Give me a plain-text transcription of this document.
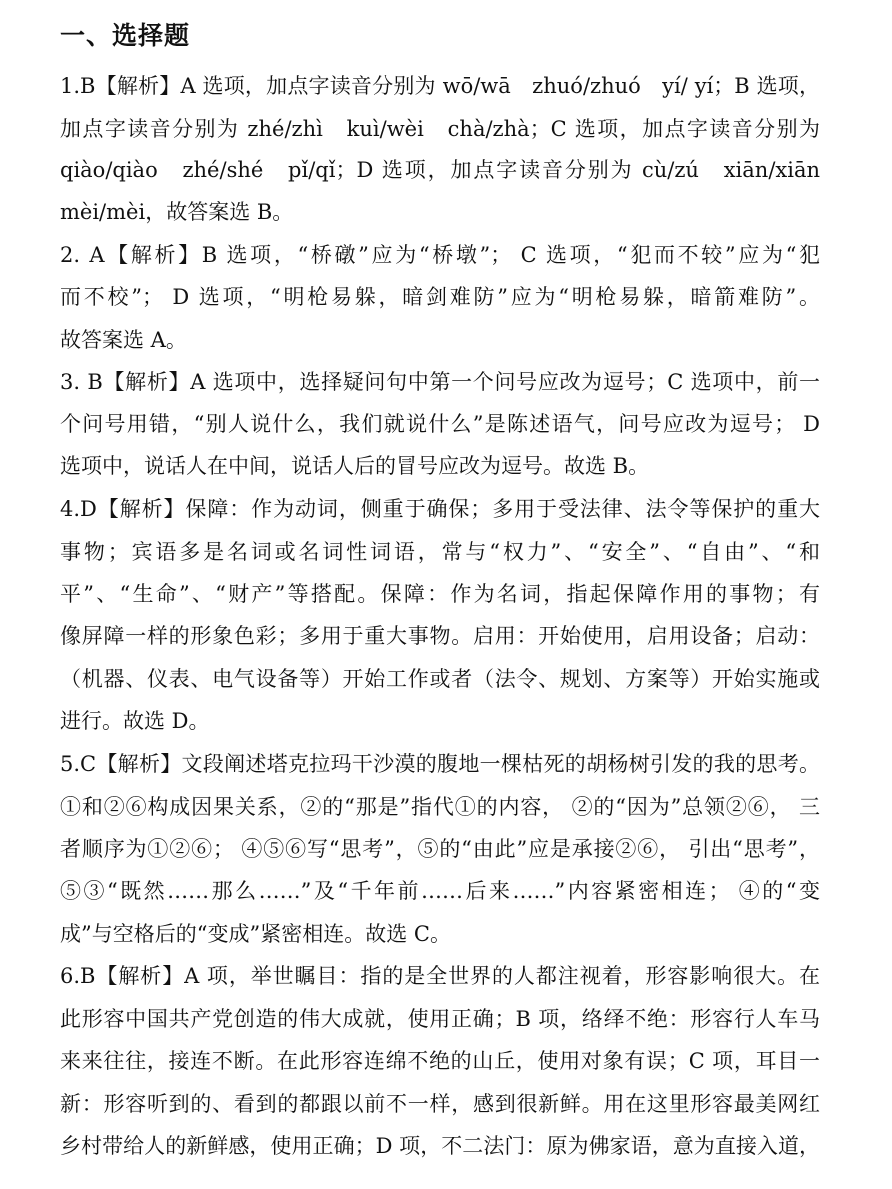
一、选择题
1.B【解析】A 选项，加点字读音分别为 wō/wā　zhuó/zhuó　yí/ yí；B 选项，
加点字读音分别为 zhé/zhì　kuì/wèi　chà/zhà；C 选项，加点字读音分别为
qiào/qiào　zhé/shé　pǐ/qǐ；D 选项，加点字读音分别为 cù/zú　xiān/xiān
mèi/mèi，故答案选 B。
2. A【解析】B 选项，“桥礅”应为“桥墩”； C 选项，“犯而不较”应为“犯
而不校”； D 选项，“明枪易躲，暗剑难防”应为“明枪易躲，暗箭难防”。
故答案选 A。
3. B【解析】A 选项中，选择疑问句中第一个问号应改为逗号；C 选项中，前一
个问号用错，“别人说什么，我们就说什么”是陈述语气，问号应改为逗号； D
选项中，说话人在中间，说话人后的冒号应改为逗号。故选 B。
4.D【解析】保障：作为动词，侧重于确保；多用于受法律、法令等保护的重大
事物；宾语多是名词或名词性词语，常与“权力”、“安全”、“自由”、“和
平”、“生命”、“财产”等搭配。保障：作为名词，指起保障作用的事物；有
像屏障一样的形象色彩；多用于重大事物。启用：开始使用，启用设备；启动：
（机器、仪表、电气设备等）开始工作或者（法令、规划、方案等）开始实施或
进行。故选 D。
5.C【解析】文段阐述塔克拉玛干沙漠的腹地一棵枯死的胡杨树引发的我的思考。
①和②⑥构成因果关系，②的“那是”指代①的内容， ②的“因为”总领②⑥， 三
者顺序为①②⑥； ④⑤⑥写“思考”，⑤的“由此”应是承接②⑥， 引出“思考”，
⑤③“既然……那么……”及“千年前……后来……”内容紧密相连； ④的“变
成”与空格后的“变成”紧密相连。故选 C。
6.B【解析】A 项，举世瞩目：指的是全世界的人都注视着，形容影响很大。在
此形容中国共产党创造的伟大成就，使用正确；B 项，络绎不绝：形容行人车马
来来往往，接连不断。在此形容连绵不绝的山丘，使用对象有误；C 项，耳目一
新：形容听到的、看到的都跟以前不一样，感到很新鲜。用在这里形容最美网红
乡村带给人的新鲜感，使用正确；D 项，不二法门：原为佛家语，意为直接入道，
